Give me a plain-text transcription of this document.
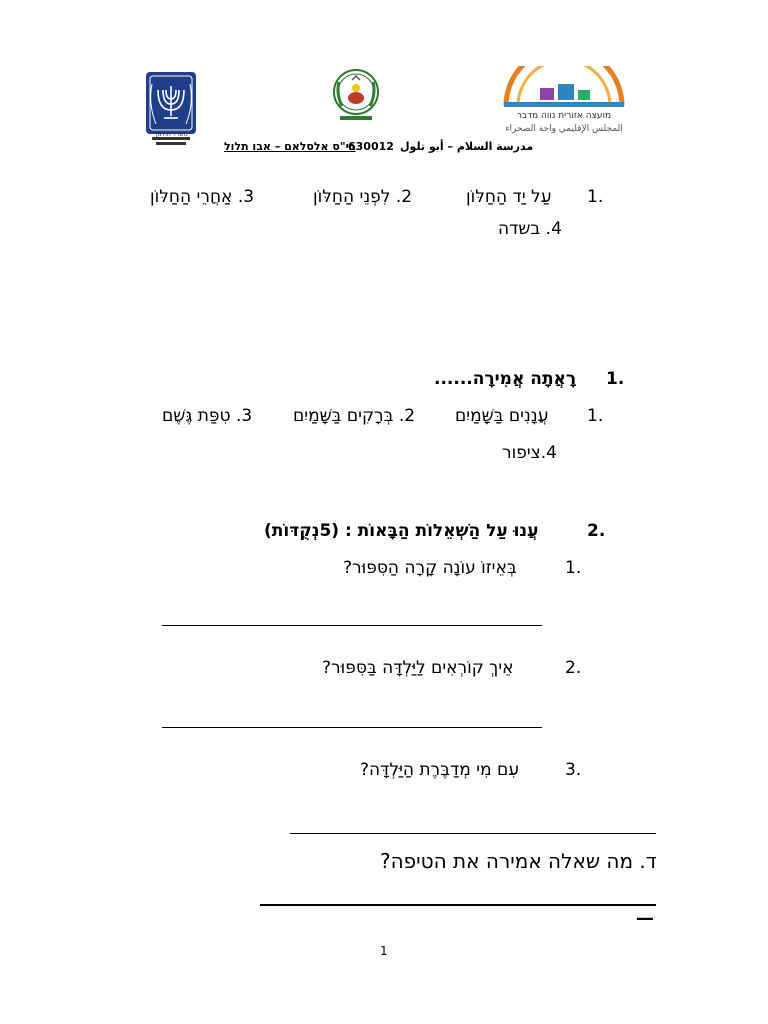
מועצה אזורית נווה מדבר
المجلس الإقليمي واحة الصحراء
משרד החינוך
בי"ס אלסלאם – אבו תלול
630012 مدرسة السلام – أبو تلول
1.
עַל יַד הַחַלּוֹן
2. לִפְנֵי הַחַלּוֹן
3. אַחֲרֵי הַחַלּוֹן
4. בשדה
1.
רָאֲתָה אֲמִירָה......
1.
עֲנָנִים בַּשָּׁמַיִם
2. בְּרָקִים בַּשָּׁמַיִם
3. טִפַּת גֶּשֶׁם
4.ציפור
2.
עֲנוּ עַל הַשְּׁאֵלוֹת הַבָּאוֹת : (5נְקֻדּוֹת)
1.
בְּאֵיזוֹ עוֹנָה קָרָה הַסִּפּוּר?
2.
אֵיךְ קוֹרְאִים לַיַּלְדָּה בַּסִּפּוּר?
3.
עִם מִי מְדַבֶּרֶת הַיַּלְדָּה?
ד. מה שאלה אמירה את הטיפה?
—
1
